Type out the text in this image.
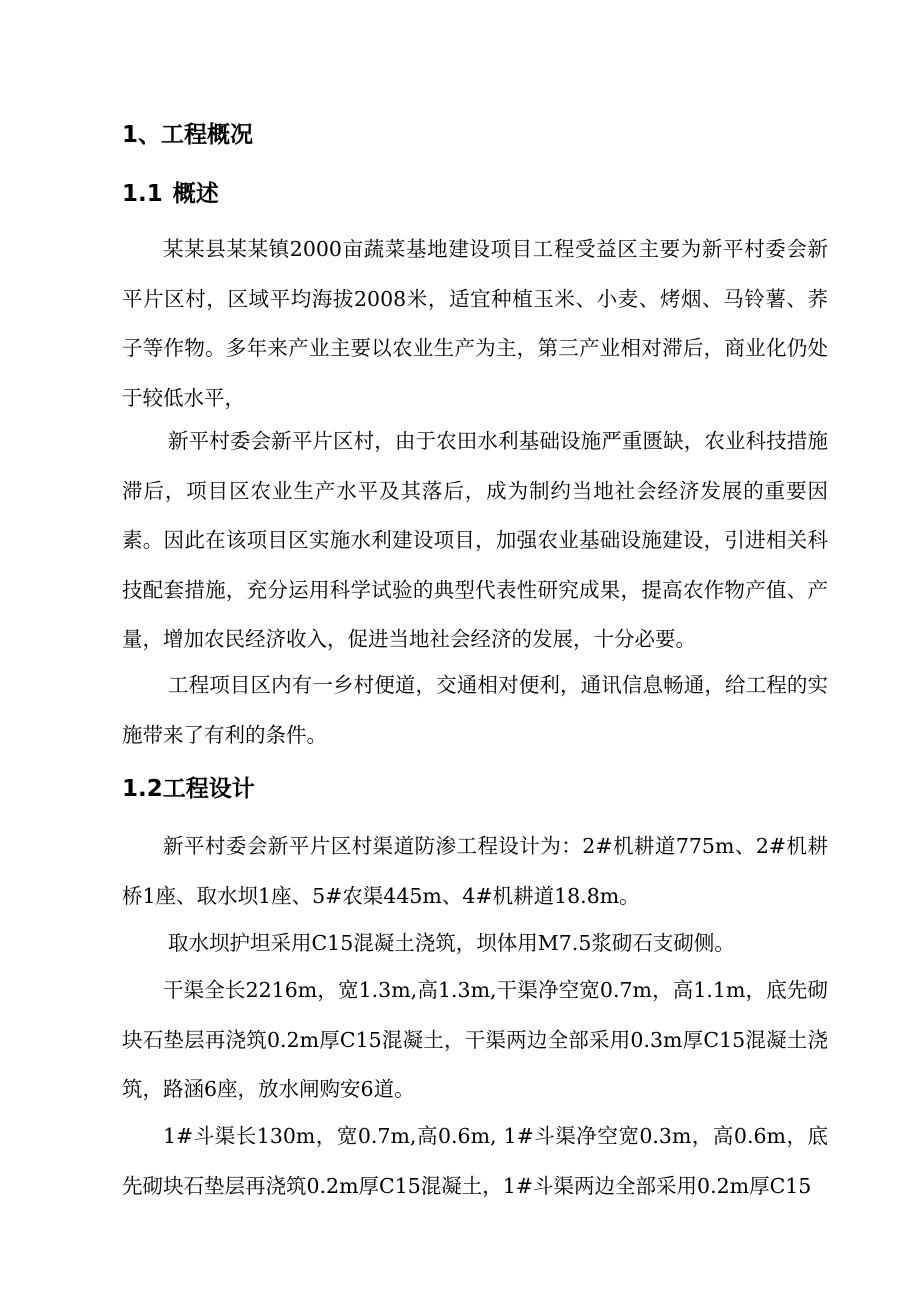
1、工程概况
1.1 概述

某某县某某镇2000亩蔬菜基地建设项目工程受益区主要为新平村委会新平片区村，区域平均海拔2008米，适宜种植玉米、小麦、烤烟、马铃薯、荞子等作物。多年来产业主要以农业生产为主，第三产业相对滞后，商业化仍处于较低水平，

新平村委会新平片区村，由于农田水利基础设施严重匮缺，农业科技措施滞后，项目区农业生产水平及其落后，成为制约当地社会经济发展的重要因素。因此在该项目区实施水利建设项目，加强农业基础设施建设，引进相关科技配套措施，充分运用科学试验的典型代表性研究成果，提高农作物产值、产量，增加农民经济收入，促进当地社会经济的发展，十分必要。

工程项目区内有一乡村便道，交通相对便利，通讯信息畅通，给工程的实施带来了有利的条件。

1.2工程设计

新平村委会新平片区村渠道防渗工程设计为：2#机耕道775m、2#机耕桥1座、取水坝1座、5#农渠445m、4#机耕道18.8m。

取水坝护坦采用C15混凝土浇筑，坝体用M7.5浆砌石支砌侧。

干渠全长2216m，宽1.3m,高1.3m,干渠净空宽0.7m，高1.1m，底先砌块石垫层再浇筑0.2m厚C15混凝土，干渠两边全部采用0.3m厚C15混凝土浇筑，路涵6座，放水闸购安6道。

1#斗渠长130m，宽0.7m,高0.6m, 1#斗渠净空宽0.3m，高0.6m，底先砌块石垫层再浇筑0.2m厚C15混凝土，1#斗渠两边全部采用0.2m厚C15
